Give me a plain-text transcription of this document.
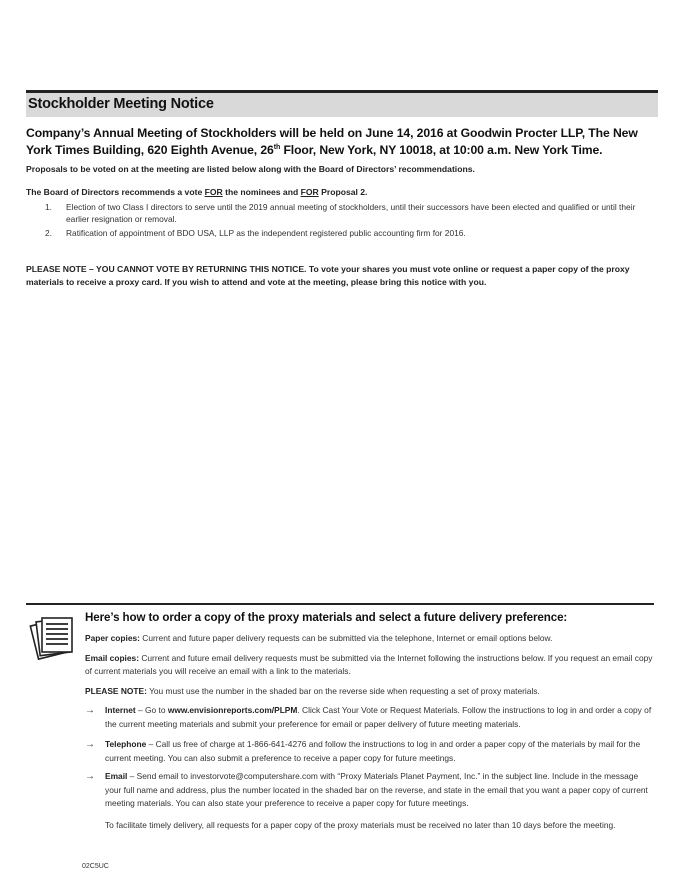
Stockholder Meeting Notice
Company’s Annual Meeting of Stockholders will be held on June 14, 2016 at Goodwin Procter LLP, The New York Times Building, 620 Eighth Avenue, 26th Floor, New York, NY 10018, at 10:00 a.m. New York Time.
Proposals to be voted on at the meeting are listed below along with the Board of Directors’ recommendations.
The Board of Directors recommends a vote FOR the nominees and FOR Proposal 2.
1. Election of two Class I directors to serve until the 2019 annual meeting of stockholders, until their successors have been elected and qualified or until their earlier resignation or removal.
2. Ratification of appointment of BDO USA, LLP as the independent registered public accounting firm for 2016.
PLEASE NOTE – YOU CANNOT VOTE BY RETURNING THIS NOTICE. To vote your shares you must vote online or request a paper copy of the proxy materials to receive a proxy card. If you wish to attend and vote at the meeting, please bring this notice with you.
Here’s how to order a copy of the proxy materials and select a future delivery preference:
Paper copies: Current and future paper delivery requests can be submitted via the telephone, Internet or email options below.
Email copies: Current and future email delivery requests must be submitted via the Internet following the instructions below. If you request an email copy of current materials you will receive an email with a link to the materials.
PLEASE NOTE: You must use the number in the shaded bar on the reverse side when requesting a set of proxy materials.
→ Internet – Go to www.envisionreports.com/PLPM. Click Cast Your Vote or Request Materials. Follow the instructions to log in and order a copy of the current meeting materials and submit your preference for email or paper delivery of future meeting materials.
→ Telephone – Call us free of charge at 1-866-641-4276 and follow the instructions to log in and order a paper copy of the materials by mail for the current meeting. You can also submit a preference to receive a paper copy for future meetings.
→ Email – Send email to investorvote@computershare.com with “Proxy Materials Planet Payment, Inc.” in the subject line. Include in the message your full name and address, plus the number located in the shaded bar on the reverse, and state in the email that you want a paper copy of current meeting materials. You can also state your preference to receive a paper copy for future meetings.
To facilitate timely delivery, all requests for a paper copy of the proxy materials must be received no later than 10 days before the meeting.
02C5UC
